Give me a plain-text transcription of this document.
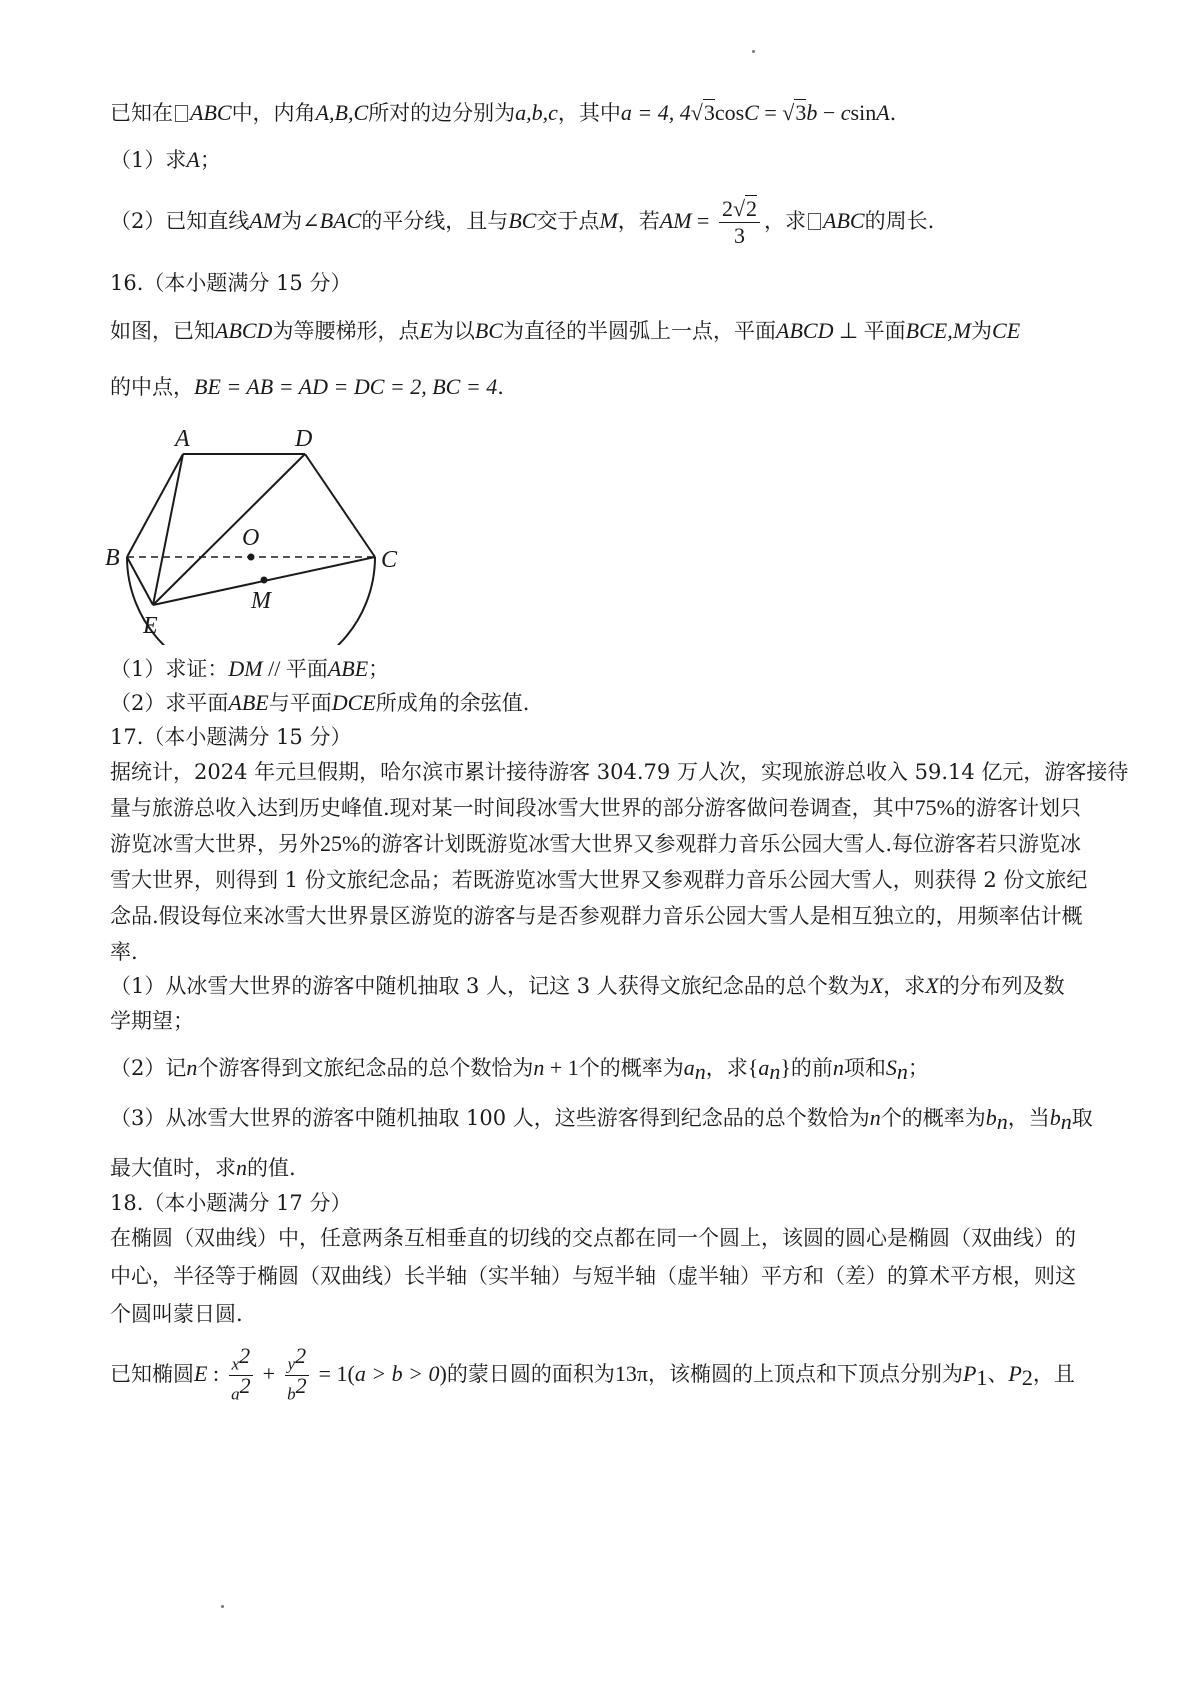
已知在 ABC中，内角A,B,C所对的边分别为a,b,c，其中a = 4, 4√3cosC = √3b − csinA.
（1）求A；
（2）已知直线AM为∠BAC的平分线，且与BC交于点M，若AM = $\frac{2√2}{3}$ ，求 ABC的周长.
16.（本小题满分 15 分）
如图，已知ABCD为等腰梯形，点E为以BC为直径的半圆弧上一点，平面ABCD ⊥ 平面BCE,M为CE
的中点，BE = AB = AD = DC = 2, BC = 4.
A	D
B	C
O
M
E
（1）求证：DM // 平面ABE；
（2）求平面ABE与平面DCE所成角的余弦值.
17.（本小题满分 15 分）
据统计，2024 年元旦假期，哈尔滨市累计接待游客 304.79 万人次，实现旅游总收入 59.14 亿元，游客接待
量与旅游总收入达到历史峰值.现对某一时间段冰雪大世界的部分游客做问卷调查，其中75%的游客计划只
游览冰雪大世界，另外25%的游客计划既游览冰雪大世界又参观群力音乐公园大雪人.每位游客若只游览冰
雪大世界，则得到 1 份文旅纪念品；若既游览冰雪大世界又参观群力音乐公园大雪人，则获得 2 份文旅纪
念品.假设每位来冰雪大世界景区游览的游客与是否参观群力音乐公园大雪人是相互独立的，用频率估计概
率.
（1）从冰雪大世界的游客中随机抽取 3 人，记这 3 人获得文旅纪念品的总个数为X，求X的分布列及数
学期望；
（2）记n个游客得到文旅纪念品的总个数恰为n + 1个的概率为$a_n$，求$\{a_n\}$的前n项和$S_n$；
（3）从冰雪大世界的游客中随机抽取 100 人，这些游客得到纪念品的总个数恰为n个的概率为$b_n$，当$b_n$取
最大值时，求n的值.
18.（本小题满分 17 分）
在椭圆（双曲线）中，任意两条互相垂直的切线的交点都在同一个圆上，该圆的圆心是椭圆（双曲线）的
中心，半径等于椭圆（双曲线）长半轴（实半轴）与短半轴（虚半轴）平方和（差）的算术平方根，则这
个圆叫蒙日圆.
已知椭圆E : $\frac{x^2}{a^2} + \frac{y^2}{b^2} = 1(a > b > 0)$的蒙日圆的面积为13π，该椭圆的上顶点和下顶点分别为$P_1$、$P_2$，且
